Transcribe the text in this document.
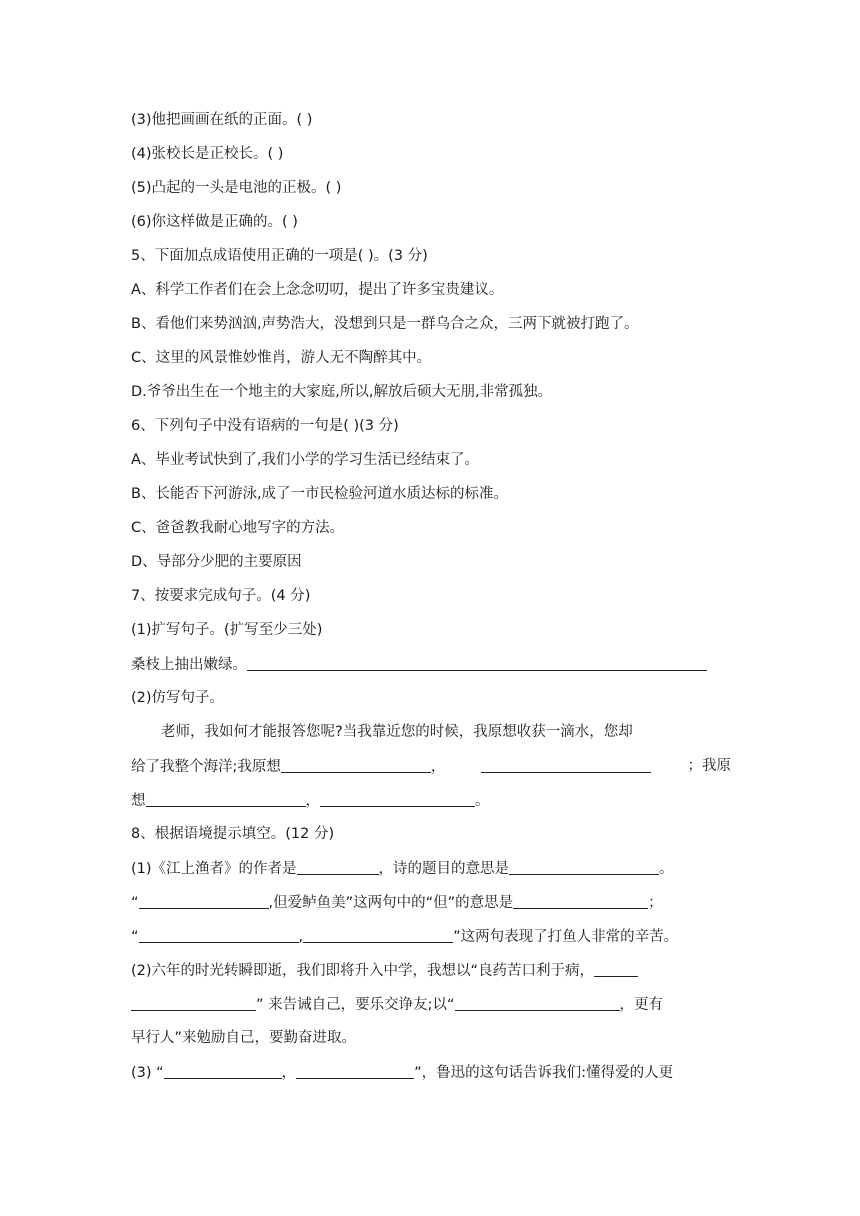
(3)他把画画在纸的正面。( )
(4)张校长是正校长。( )
(5)凸起的一头是电池的正极。( )
(6)你这样做是正确的。( )
5、下面加点成语使用正确的一项是( )。(3 分)
A、科学工作者们在会上念念叨叨，提出了许多宝贵建议。
B、看他们来势汹汹,声势浩大，没想到只是一群乌合之众，三两下就被打跑了。
C、这里的风景惟妙惟肖，游人无不陶醉其中。
D.爷爷出生在一个地主的大家庭,所以,解放后硕大无朋,非常孤独。
6、下列句子中没有语病的一句是( )(3 分)
A、毕业考试快到了,我们小学的学习生活已经结束了。
B、长能否下河游泳,成了一市民检验河道水质达标的标准。
C、爸爸教我耐心地写字的方法。
D、导部分少肥的主要原因
7、按要求完成句子。(4 分)
(1)扩写句子。(扩写至少三处)
桑枝上抽出嫩绿。
(2)仿写句子。
老师，我如何才能报答您呢?当我靠近您的时候，我原想收获一滴水，您却
给了我整个海洋;我原想	，	；我原
想	，	。
8、根据语境提示填空。(12 分)
(1)《江上渔者》的作者是	，诗的题目的意思是	。
“	,但爱鲈鱼美”这两句中的“但”的意思是	；
“	,	”这两句表现了打鱼人非常的辛苦。
(2)六年的时光转瞬即逝，我们即将升入中学，我想以“良药苦口利于病，
” 来告诫自己，要乐交诤友;以“	，更有
早行人”来勉励自己，要勤奋进取。
(3) “	，	”，鲁迅的这句话告诉我们:懂得爱的人更
